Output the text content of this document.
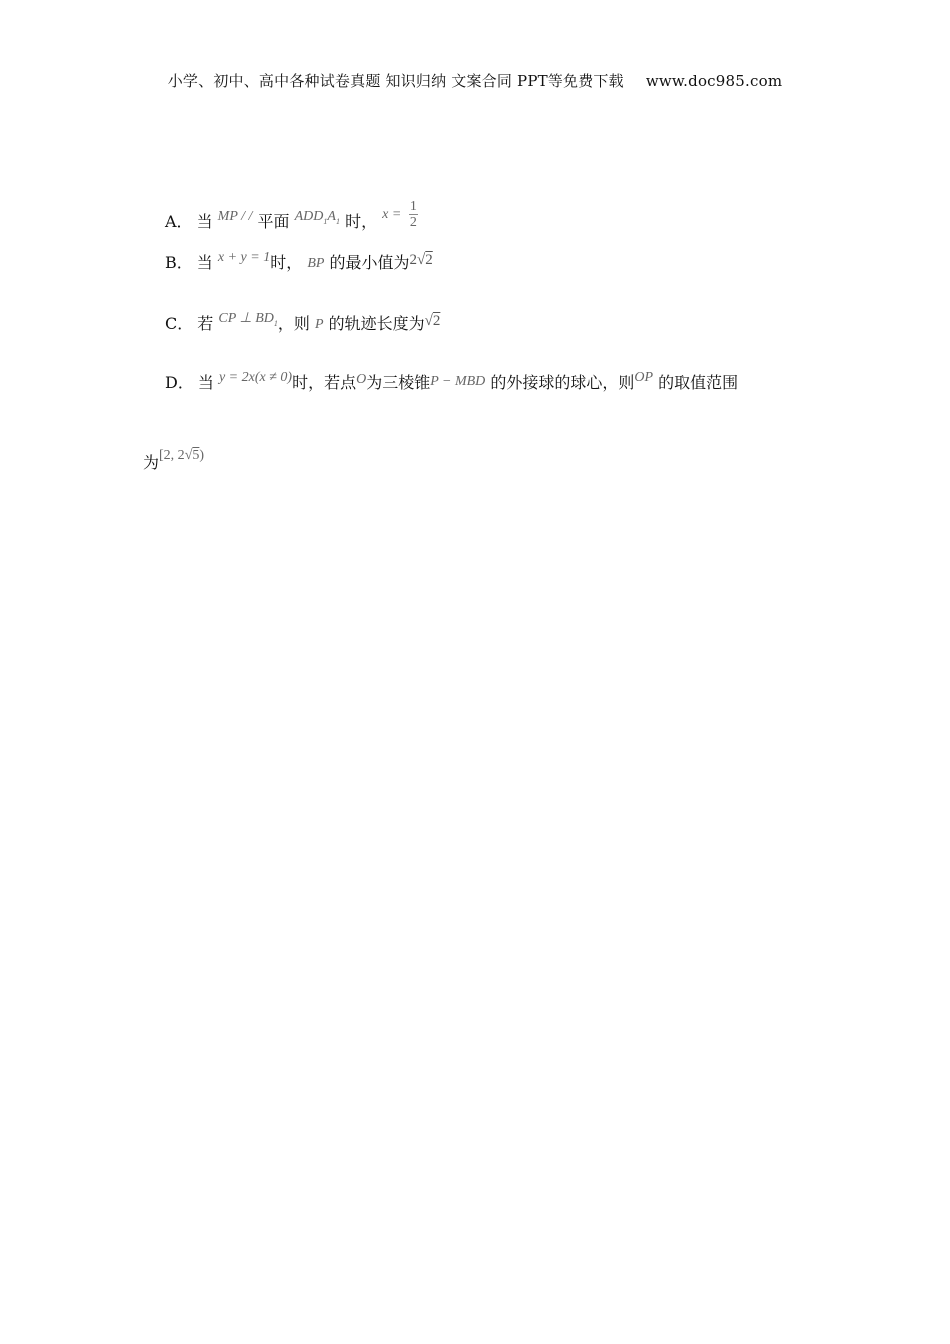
小学、初中、高中各种试卷真题 知识归纳 文案合同 PPT等免费下载 www.doc985.com
A． 当 MP / / 平面 $ADD_1A_1$ 时， $x = \frac{1}{2}$
B． 当 x + y = 1时， BP 的最小值为2√2
C． 若 CP ⊥ $BD_1$，则 P 的轨迹长度为√2
D． 当 y = 2x(x ≠ 0)时，若点O为三棱锥P − MBD 的外接球的球心，则OP 的取值范围
为[2, 2√5)
